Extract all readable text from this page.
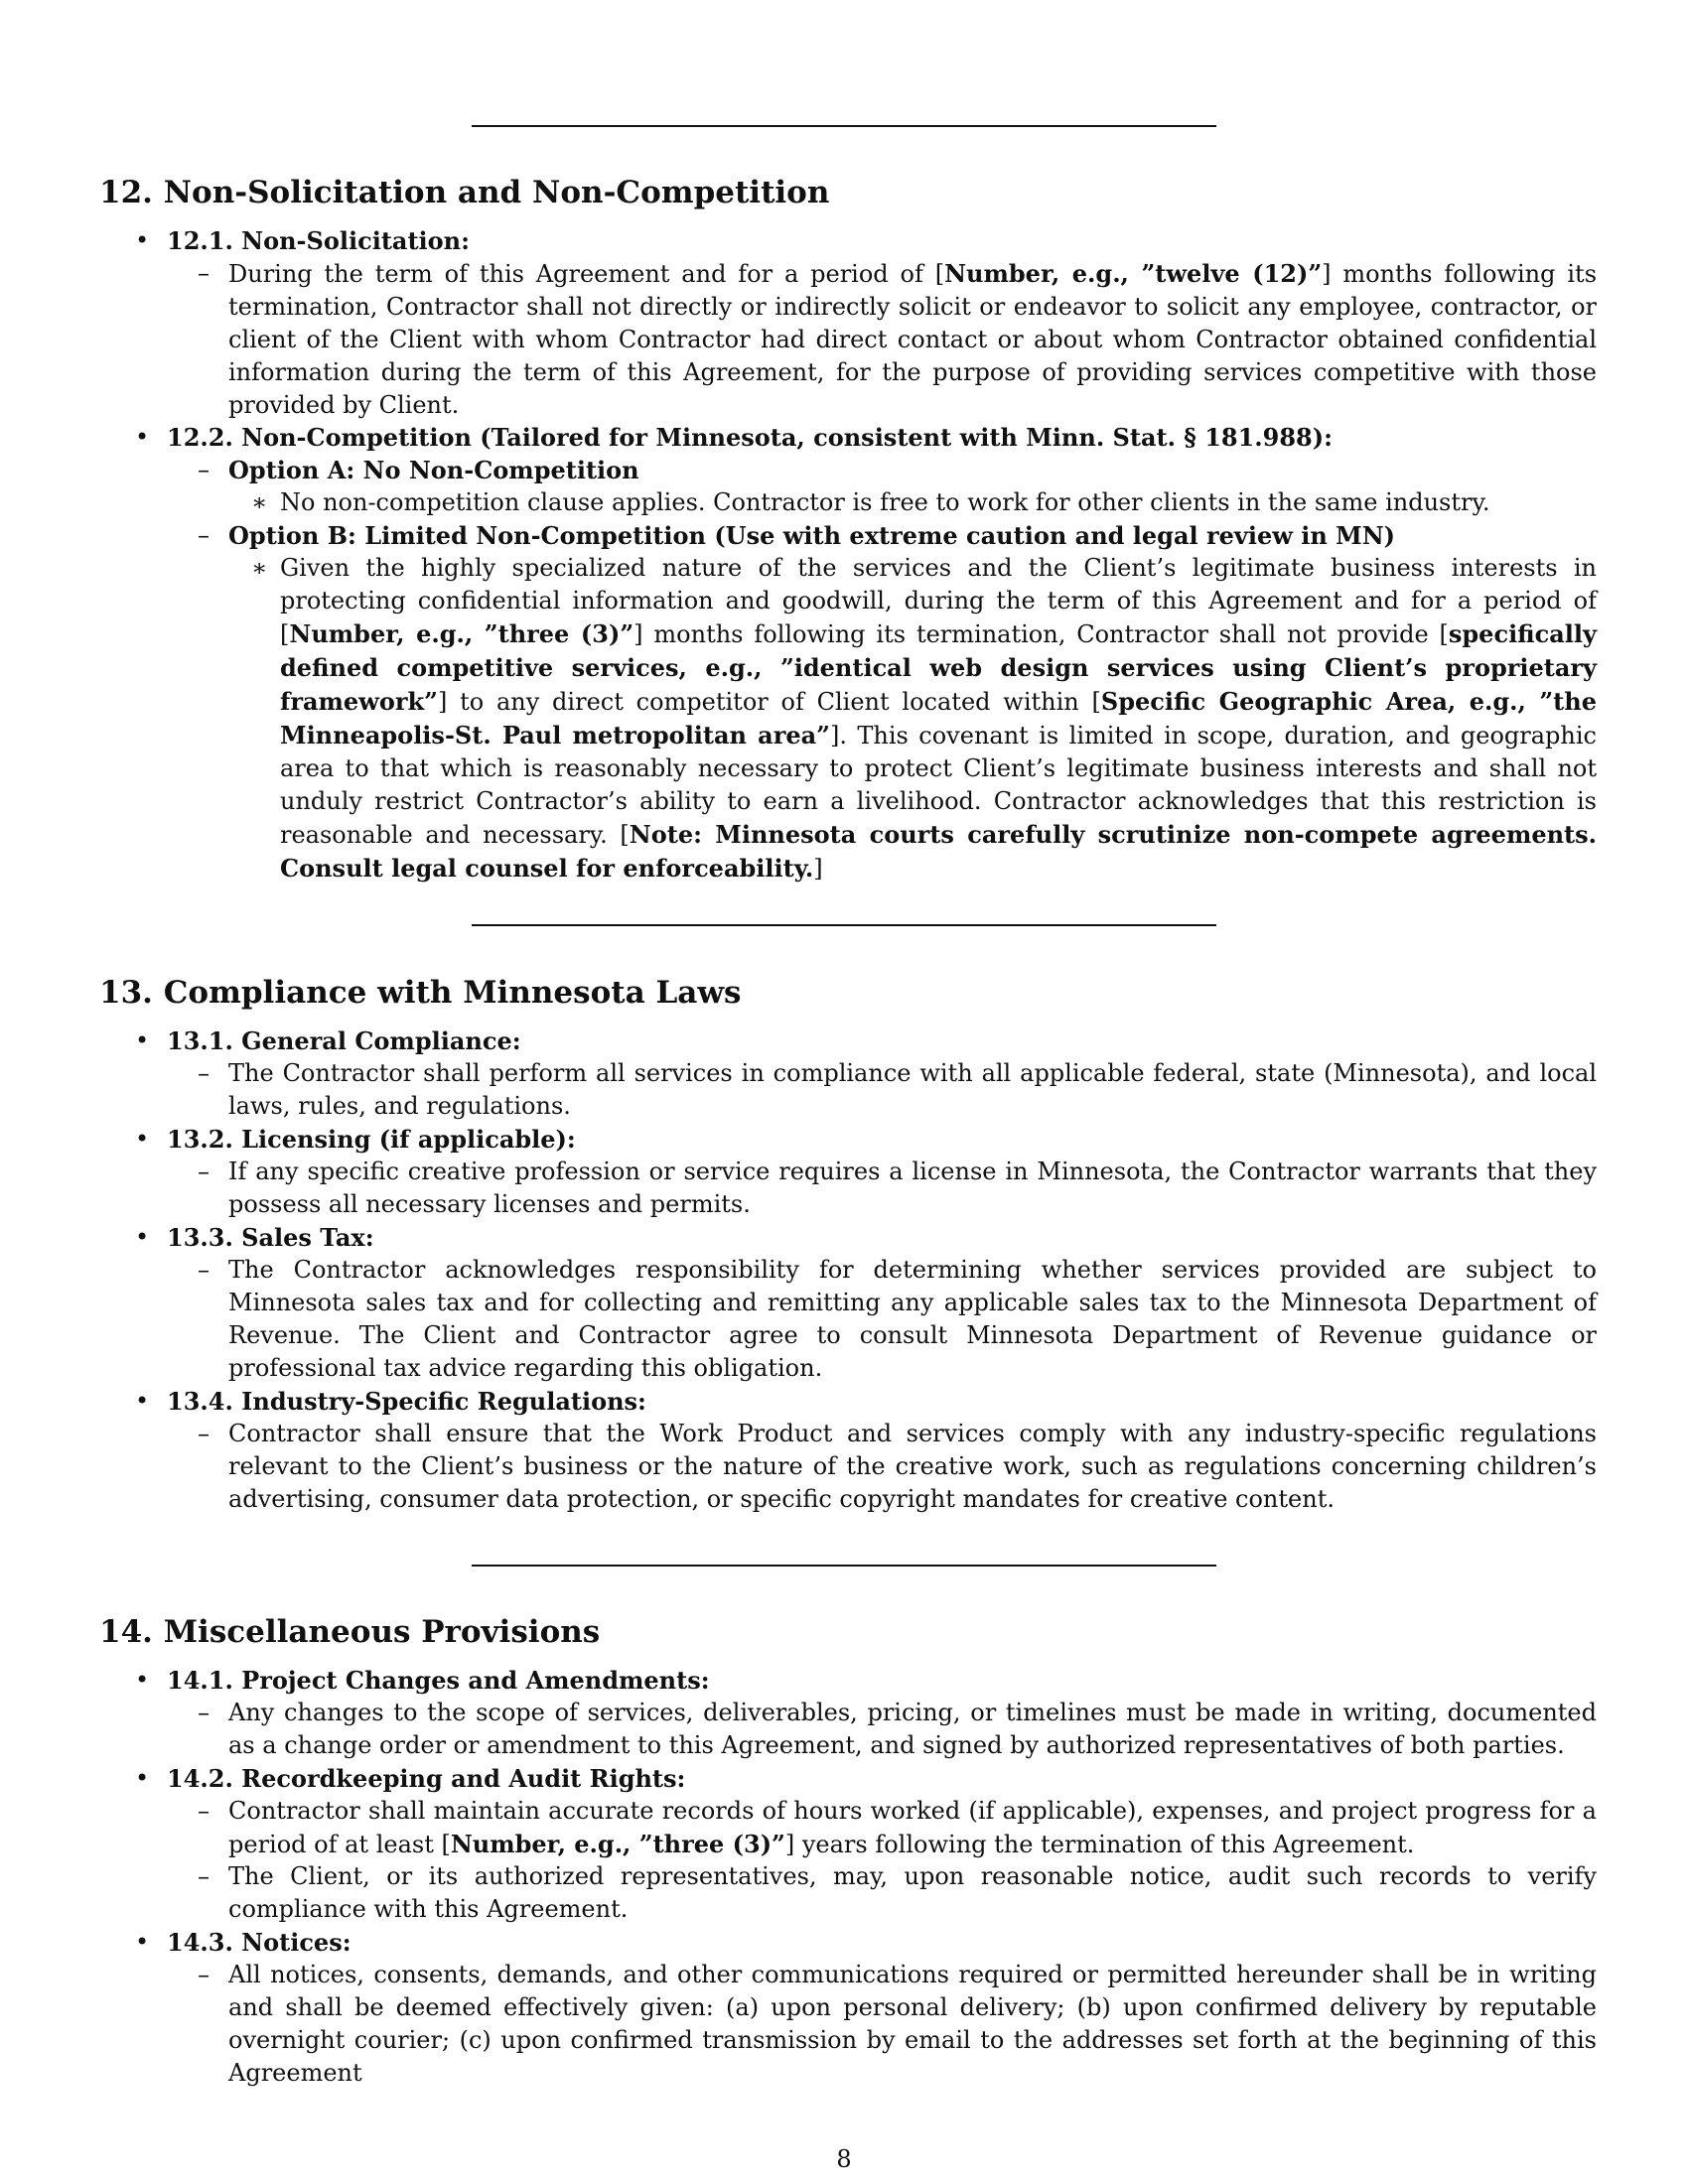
12. Non-Solicitation and Non-Competition
• 12.1. Non-Solicitation:
– During the term of this Agreement and for a period of [Number, e.g., ”twelve (12)”] months following its termination, Contractor shall not directly or indirectly solicit or endeavor to solicit any employee, contractor, or client of the Client with whom Contractor had direct contact or about whom Contractor obtained confidential information during the term of this Agreement, for the purpose of providing services competitive with those provided by Client.
• 12.2. Non-Competition (Tailored for Minnesota, consistent with Minn. Stat. § 181.988):
– Option A: No Non-Competition
∗ No non-competition clause applies. Contractor is free to work for other clients in the same industry.
– Option B: Limited Non-Competition (Use with extreme caution and legal review in MN)
∗ Given the highly specialized nature of the services and the Client’s legitimate business interests in protecting confidential information and goodwill, during the term of this Agreement and for a period of [Number, e.g., ”three (3)”] months following its termination, Contractor shall not provide [specifically defined competitive services, e.g., ”identical web design services using Client’s proprietary framework”] to any direct competitor of Client located within [Specific Geographic Area, e.g., ”the Minneapolis-St. Paul metropolitan area”]. This covenant is limited in scope, duration, and geographic area to that which is reasonably necessary to protect Client’s legitimate business interests and shall not unduly restrict Contractor’s ability to earn a livelihood. Contractor acknowledges that this restriction is reasonable and necessary. [Note: Minnesota courts carefully scrutinize non-compete agreements. Consult legal counsel for enforceability.]
13. Compliance with Minnesota Laws
• 13.1. General Compliance:
– The Contractor shall perform all services in compliance with all applicable federal, state (Minnesota), and local laws, rules, and regulations.
• 13.2. Licensing (if applicable):
– If any specific creative profession or service requires a license in Minnesota, the Contractor warrants that they possess all necessary licenses and permits.
• 13.3. Sales Tax:
– The Contractor acknowledges responsibility for determining whether services provided are subject to Minnesota sales tax and for collecting and remitting any applicable sales tax to the Minnesota Department of Revenue. The Client and Contractor agree to consult Minnesota Department of Revenue guidance or professional tax advice regarding this obligation.
• 13.4. Industry-Specific Regulations:
– Contractor shall ensure that the Work Product and services comply with any industry-specific regulations relevant to the Client’s business or the nature of the creative work, such as regulations concerning children’s advertising, consumer data protection, or specific copyright mandates for creative content.
14. Miscellaneous Provisions
• 14.1. Project Changes and Amendments:
– Any changes to the scope of services, deliverables, pricing, or timelines must be made in writing, documented as a change order or amendment to this Agreement, and signed by authorized representatives of both parties.
• 14.2. Recordkeeping and Audit Rights:
– Contractor shall maintain accurate records of hours worked (if applicable), expenses, and project progress for a period of at least [Number, e.g., ”three (3)”] years following the termination of this Agreement.
– The Client, or its authorized representatives, may, upon reasonable notice, audit such records to verify compliance with this Agreement.
• 14.3. Notices:
– All notices, consents, demands, and other communications required or permitted hereunder shall be in writing and shall be deemed effectively given: (a) upon personal delivery; (b) upon confirmed delivery by reputable overnight courier; (c) upon confirmed transmission by email to the addresses set forth at the beginning of this Agreement
8
